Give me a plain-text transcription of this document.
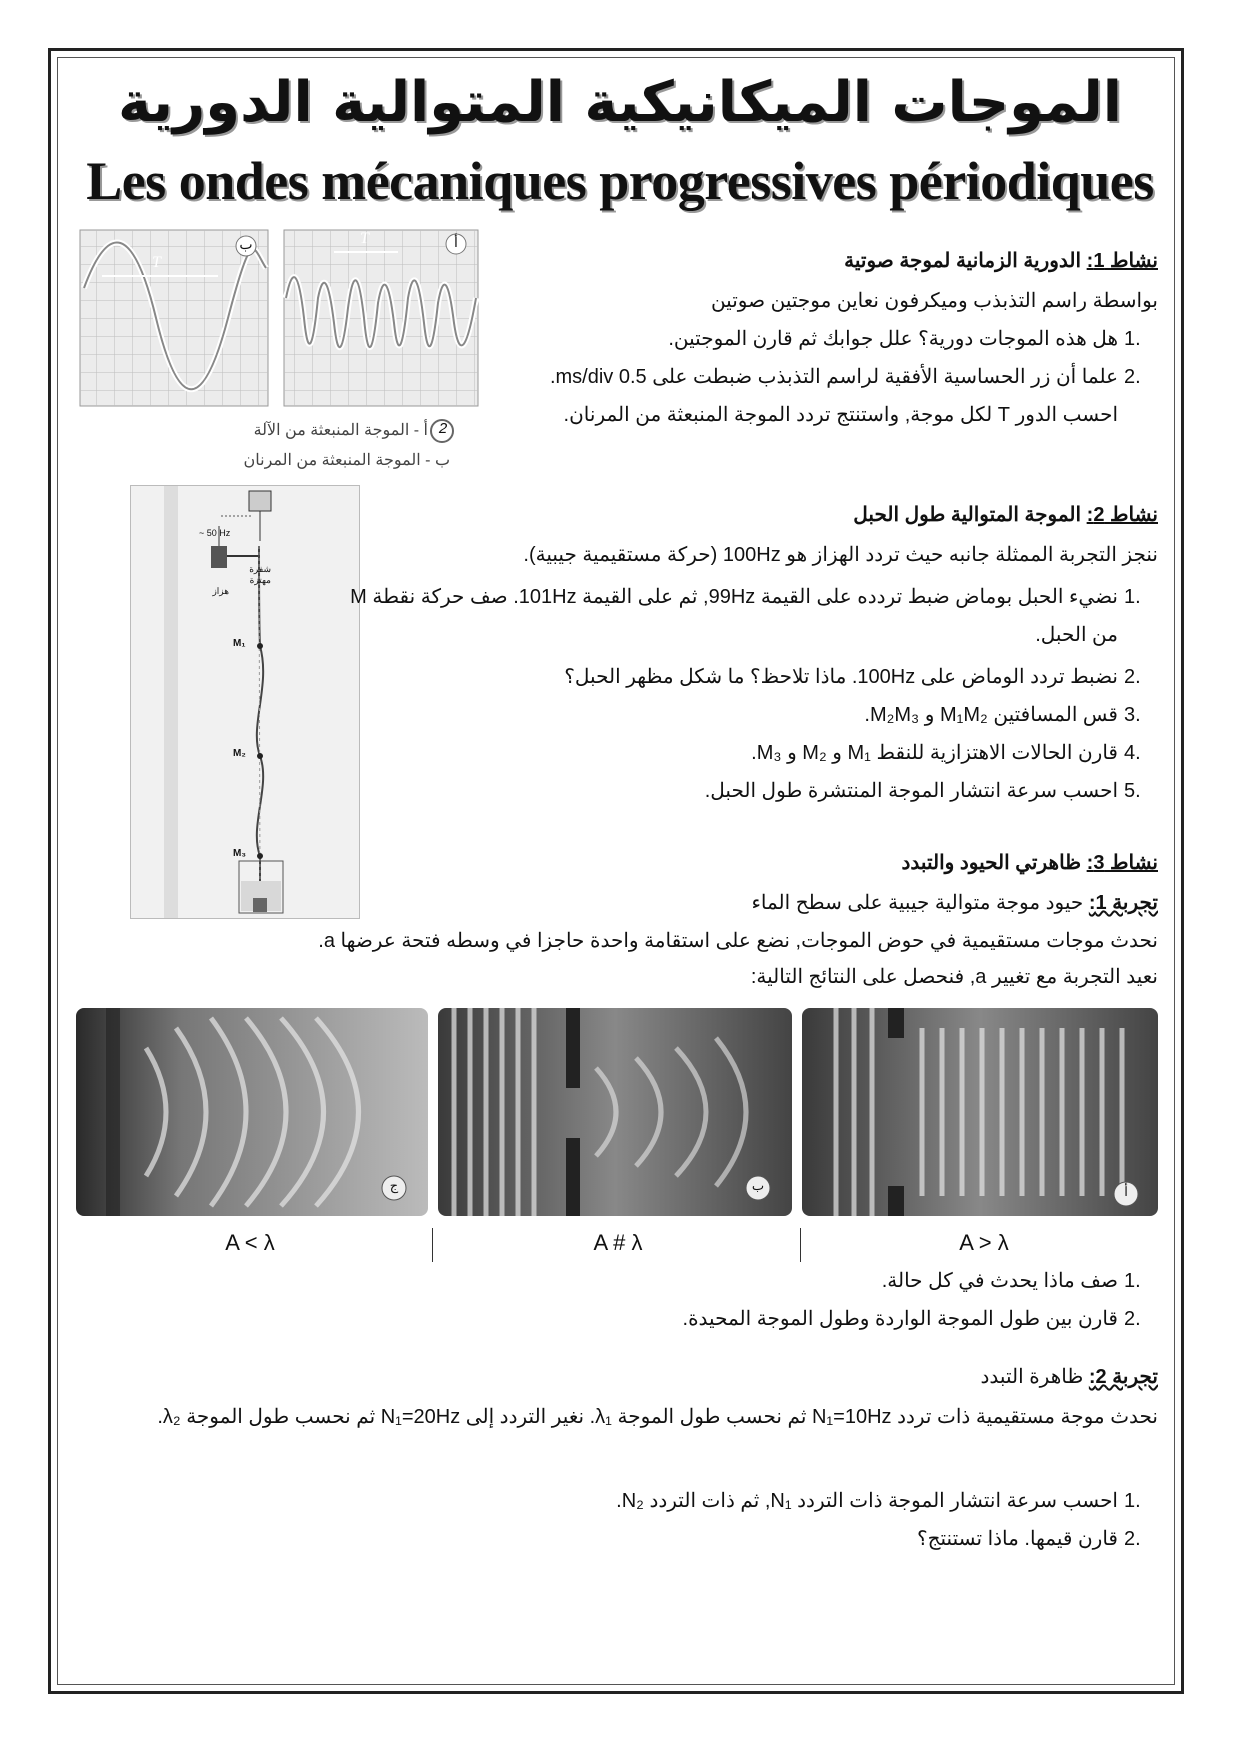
الموجات الميكانيكية المتوالية الدورية
Les ondes mécaniques progressives périodiques
ب	أ
T
T
2
أ - الموجة المنبعثة من الآلة
ب - الموجة المنبعثة من المرنان
نشاط 1: الدورية الزمانية لموجة صوتية
بواسطة راسم التذبذب وميكرفون نعاين موجتين صوتين
1.
هل هذه الموجات دورية؟ علل جوابك ثم قارن الموجتين.
2.
علما أن زر الحساسية الأفقية لراسم التذبذب ضبطت على 0.5 ms/div. احسب الدور T لكل موجة, واستنتج تردد الموجة المنبعثة من المرنان.
~ 50 Hz
شفرة مهتزة
هزاز
M₁
M₂
M₃
نشاط 2: الموجة المتوالية طول الحبل
ننجز التجربة الممثلة جانبه حيث تردد الهزاز هو 100Hz (حركة مستقيمية جيبية).
1.
نضيء الحبل بوماض ضبط تردده على القيمة 99Hz, ثم على القيمة 101Hz. صف حركة نقطة M من الحبل.
2.
نضبط تردد الوماض على 100Hz. ماذا تلاحظ؟ ما شكل مظهر الحبل؟
3.
قس المسافتين M₁M₂ و M₂M₃.
4.
قارن الحالات الاهتزازية للنقط M₁ و M₂ و M₃.
5.
احسب سرعة انتشار الموجة المنتشرة طول الحبل.
نشاط 3: ظاهرتي الحيود والتبدد
تجربة 1: حيود موجة متوالية جيبية على سطح الماء
نحدث موجات مستقيمية في حوض الموجات, نضع على استقامة واحدة حاجزا في وسطه فتحة عرضها a.
نعيد التجربة مع تغيير a, فنحصل على النتائج التالية:
ج	ب	أ
A < λ	A # λ	A > λ
1.
صف ماذا يحدث في كل حالة.
2.
قارن بين طول الموجة الواردة وطول الموجة المحيدة.
تجربة 2: ظاهرة التبدد
نحدث موجة مستقيمية ذات تردد N₁=10Hz ثم نحسب طول الموجة λ₁. نغير التردد إلى N₁=20Hz ثم نحسب طول الموجة λ₂.
1.
احسب سرعة انتشار الموجة ذات التردد N₁, ثم ذات التردد N₂.
2.
قارن قيمها. ماذا تستنتج؟
